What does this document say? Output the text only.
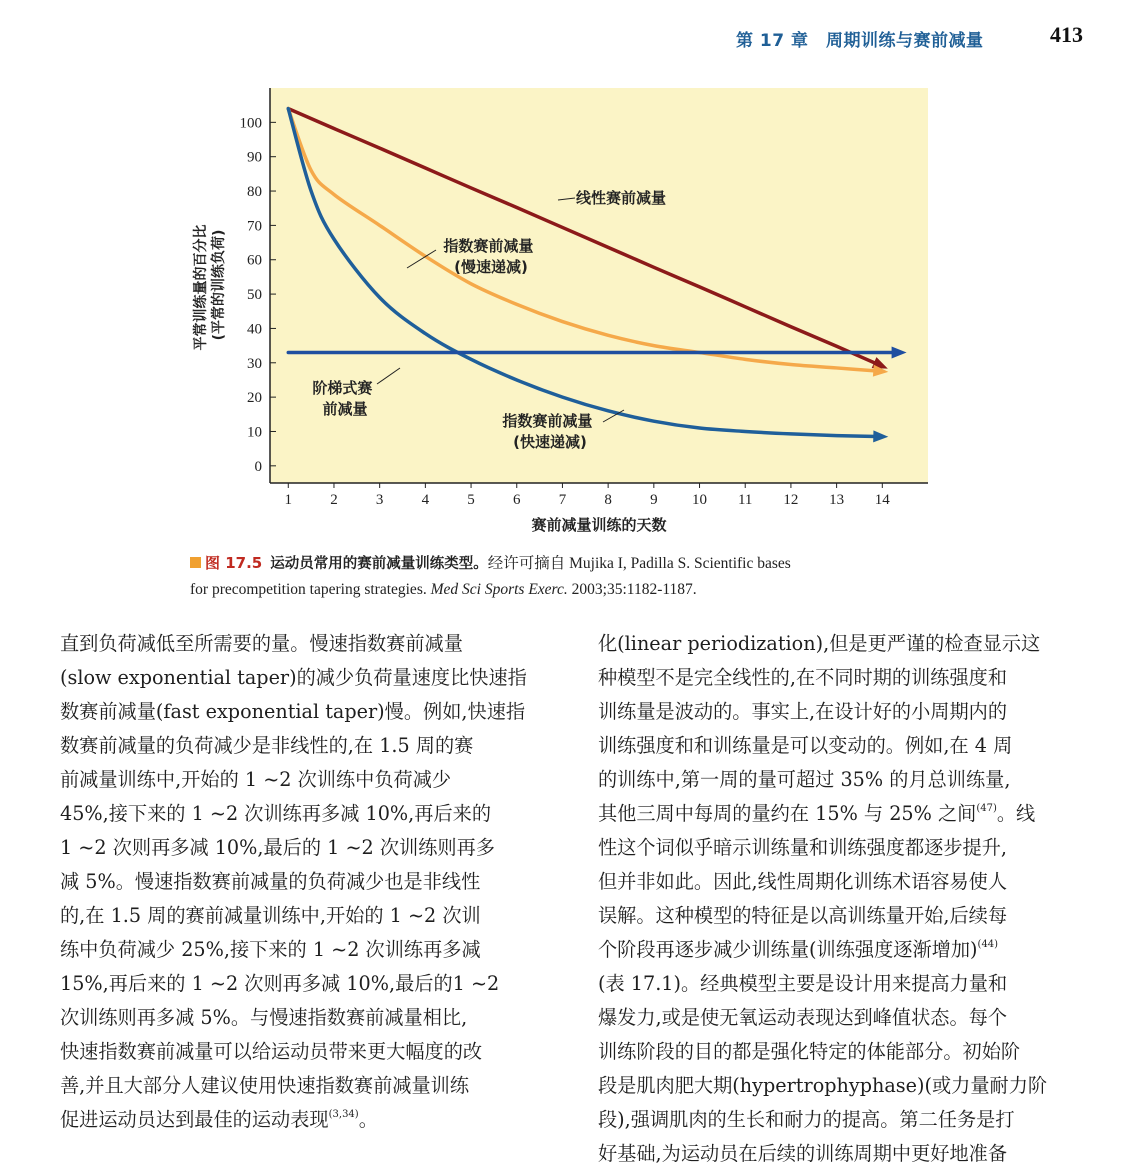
第 17 章　周期训练与赛前减量	413
0
10
20
30
40
50
60
70
80
90
100
1	2	3	4	5	6	7	8	9 10 11 12 13 14
平常训练量的百分比 (平常的训练负荷)
赛前减量训练的天数
线性赛前减量
指数赛前减量 (慢速递减)
阶梯式赛 前减量
指数赛前减量 (快速递减)
图 17.5 运动员常用的赛前减量训练类型。经许可摘自 Mujika I, Padilla S. Scientific bases
for precompetition tapering strategies. Med Sci Sports Exerc. 2003;35:1182-1187.

直到负荷减低至所需要的量。慢速指数赛前减量

(slow exponential taper)的减少负荷量速度比快速指

数赛前减量(fast exponential taper)慢。例如,快速指

数赛前减量的负荷减少是非线性的,在 1.5 周的赛

前减量训练中,开始的 1 ~2 次训练中负荷减少

45%,接下来的 1 ~2 次训练再多减 10%,再后来的

1 ~2 次则再多减 10%,最后的 1 ~2 次训练则再多

减 5%。慢速指数赛前减量的负荷减少也是非线性

的,在 1.5 周的赛前减量训练中,开始的 1 ~2 次训

练中负荷减少 25%,接下来的 1 ~2 次训练再多减

15%,再后来的 1 ~2 次则再多减 10%,最后的1 ~2

次训练则再多减 5%。与慢速指数赛前减量相比,

快速指数赛前减量可以给运动员带来更大幅度的改

善,并且大部分人建议使用快速指数赛前减量训练

促进运动员达到最佳的运动表现$^{(3,34)}$。

化(linear periodization),但是更严谨的检查显示这

种模型不是完全线性的,在不同时期的训练强度和

训练量是波动的。事实上,在设计好的小周期内的

训练强度和和训练量是可以变动的。例如,在 4 周

的训练中,第一周的量可超过 35% 的月总训练量,

其他三周中每周的量约在 15% 与 25% 之间$^{(47)}$。线

性这个词似乎暗示训练量和训练强度都逐步提升,

但并非如此。因此,线性周期化训练术语容易使人

误解。这种模型的特征是以高训练量开始,后续每

个阶段再逐步减少训练量(训练强度逐渐增加)$^{(44)}$

(表 17.1)。经典模型主要是设计用来提高力量和

爆发力,或是使无氧运动表现达到峰值状态。每个

训练阶段的目的都是强化特定的体能部分。初始阶

段是肌肉肥大期(hypertrophyphase)(或力量耐力阶

段),强调肌肉的生长和耐力的提高。第二任务是打

好基础,为运动员在后续的训练周期中更好地准备
